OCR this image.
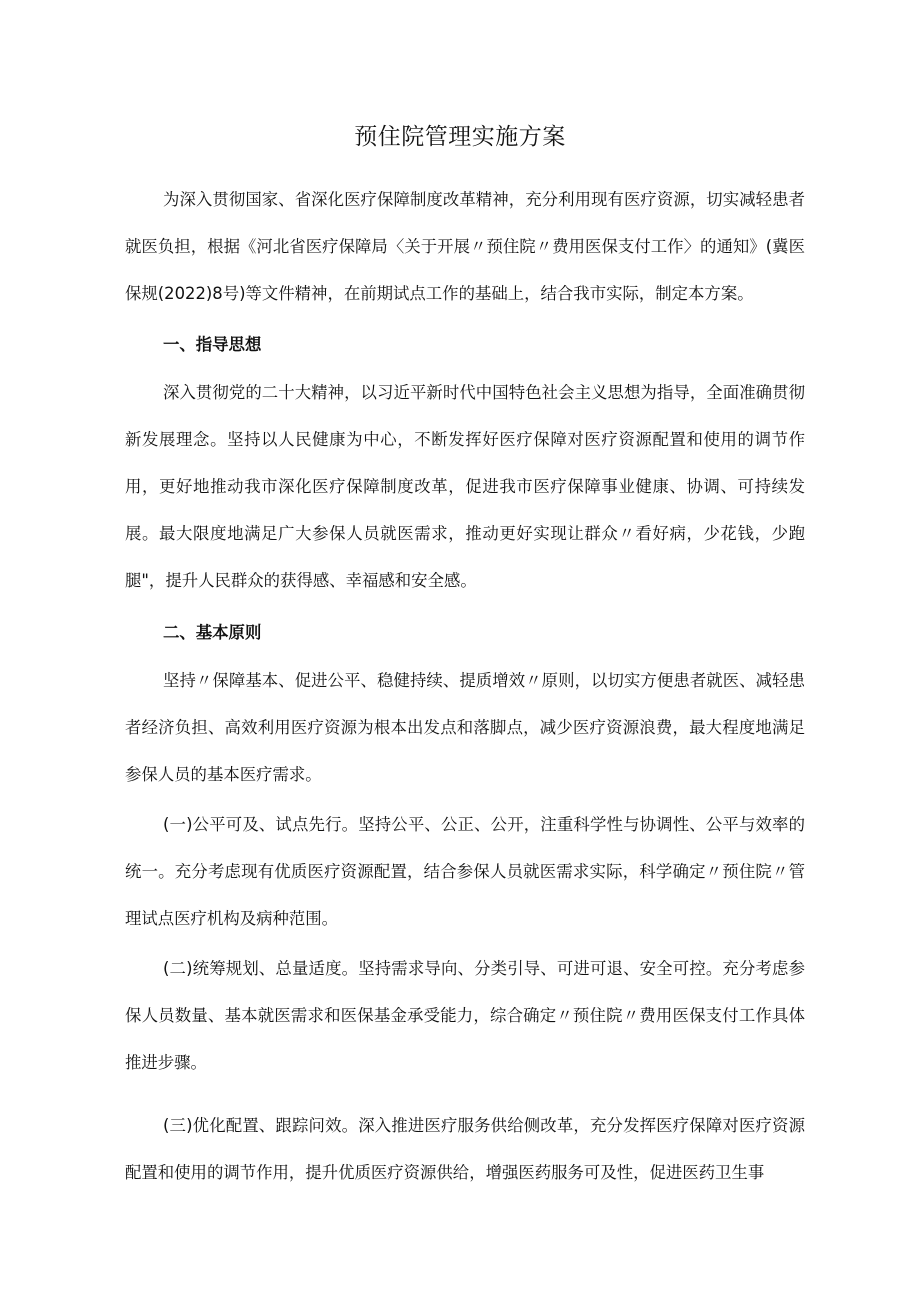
预住院管理实施方案

为深入贯彻国家、省深化医疗保障制度改革精神，充分利用现有医疗资源，切实减轻患者就医负担，根据《河北省医疗保障局〈关于开展〃预住院〃费用医保支付工作〉的通知》(冀医保规(2022)8号)等文件精神，在前期试点工作的基础上，结合我市实际，制定本方案。

一、指导思想

深入贯彻党的二十大精神，以习近平新时代中国特色社会主义思想为指导，全面准确贯彻新发展理念。坚持以人民健康为中心，不断发挥好医疗保障对医疗资源配置和使用的调节作用，更好地推动我市深化医疗保障制度改革，促进我市医疗保障事业健康、协调、可持续发展。最大限度地满足广大参保人员就医需求，推动更好实现让群众〃看好病，少花钱，少跑腿"，提升人民群众的获得感、幸福感和安全感。

二、基本原则

坚持〃保障基本、促进公平、稳健持续、提质增效〃原则，以切实方便患者就医、减轻患者经济负担、高效利用医疗资源为根本出发点和落脚点，减少医疗资源浪费，最大程度地满足参保人员的基本医疗需求。

(一)公平可及、试点先行。坚持公平、公正、公开，注重科学性与协调性、公平与效率的统一。充分考虑现有优质医疗资源配置，结合参保人员就医需求实际，科学确定〃预住院〃管理试点医疗机构及病种范围。

(二)统筹规划、总量适度。坚持需求导向、分类引导、可进可退、安全可控。充分考虑参保人员数量、基本就医需求和医保基金承受能力，综合确定〃预住院〃费用医保支付工作具体推进步骤。

(三)优化配置、跟踪问效。深入推进医疗服务供给侧改革，充分发挥医疗保障对医疗资源配置和使用的调节作用，提升优质医疗资源供给，增强医药服务可及性，促进医药卫生事
